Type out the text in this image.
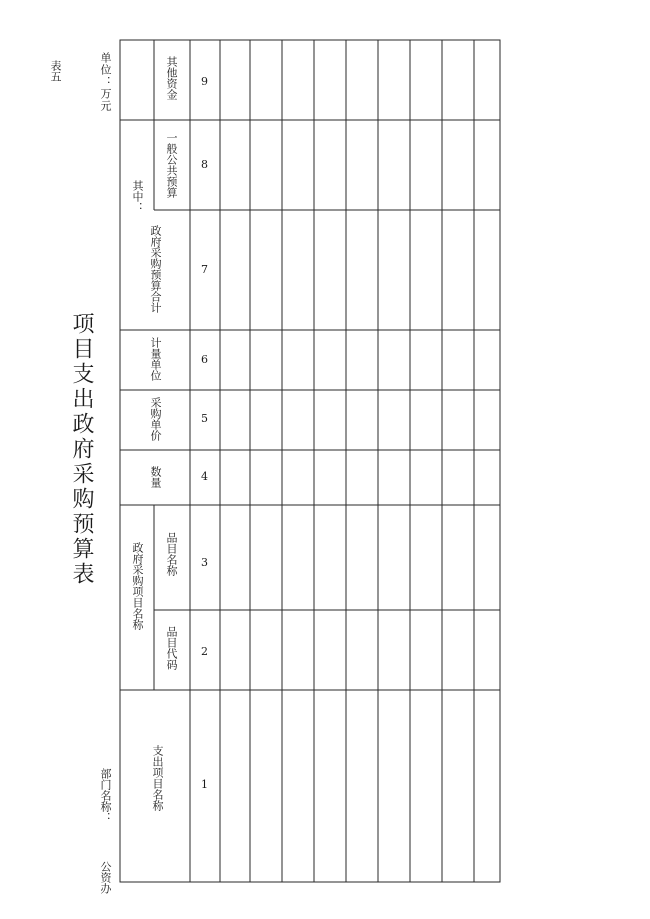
表五	单位：万元
项目支出政府采购预算表
部门名称： 公资办
支出项目名称
政府采购项目名称
品目代码
品目名称
数量
采购单价
计量单位
政府采购预算合计
其中： 一般公共预算
其他资金
1
2
3
4
5
6
7
8
9
